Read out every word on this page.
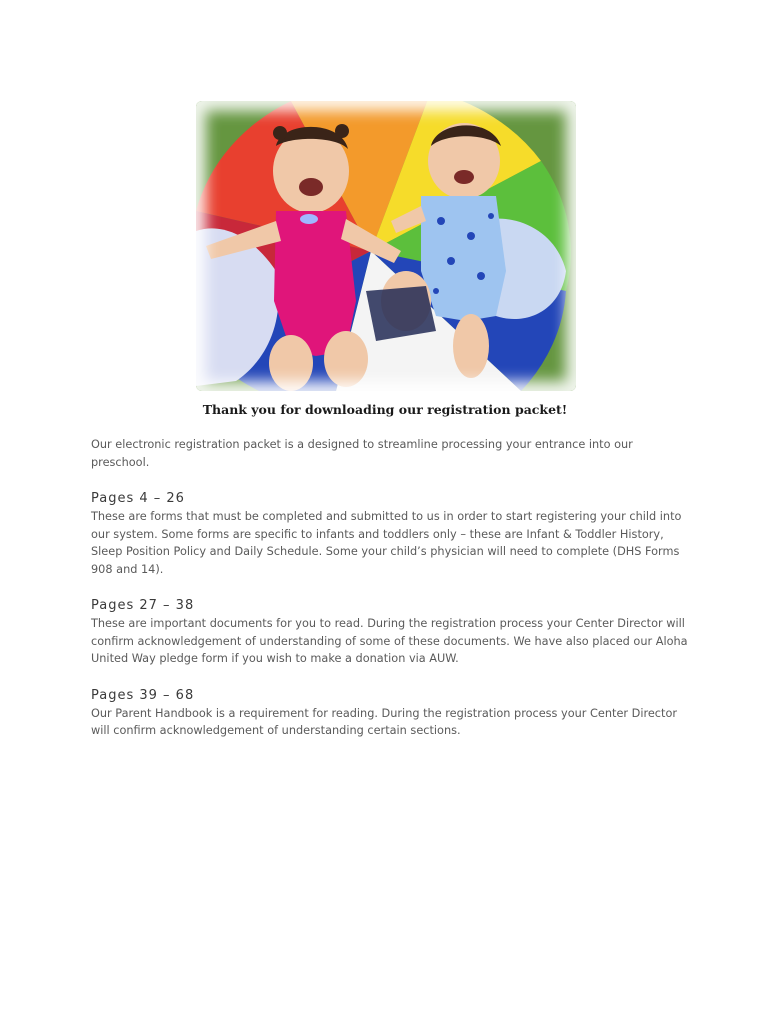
Thank you for downloading our registration packet!

Our electronic registration packet is a designed to streamline processing your entrance into our preschool.

Pages 4 – 26

These are forms that must be completed and submitted to us in order to start registering your child into our system. Some forms are specific to infants and toddlers only – these are Infant & Toddler History, Sleep Position Policy and Daily Schedule. Some your child’s physician will need to complete (DHS Forms 908 and 14).

Pages 27 – 38

These are important documents for you to read. During the registration process your Center Director will confirm acknowledgement of understanding of some of these documents. We have also placed our Aloha United Way pledge form if you wish to make a donation via AUW.

Pages 39 – 68

Our Parent Handbook is a requirement for reading. During the registration process your Center Director will confirm acknowledgement of understanding certain sections.
